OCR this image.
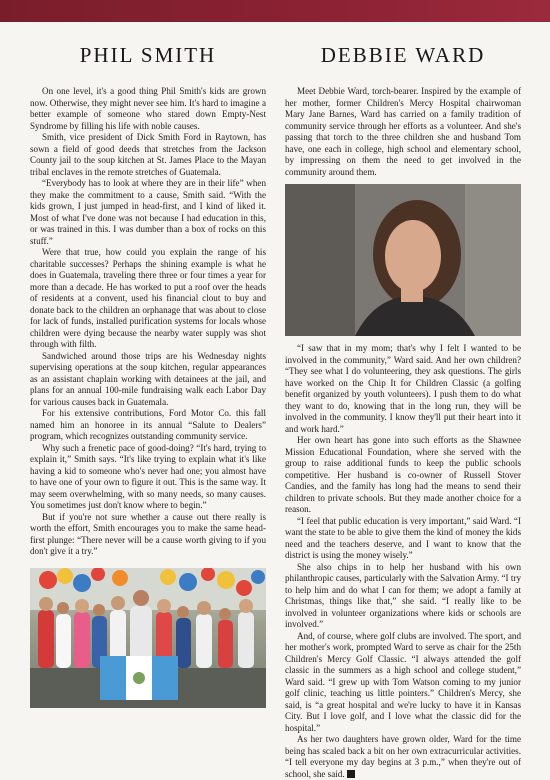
PHIL SMITH

On one level, it's a good thing Phil Smith's kids are grown now. Otherwise, they might never see him. It's hard to imagine a better example of someone who stared down Empty-Nest Syndrome by filling his life with noble causes.

Smith, vice president of Dick Smith Ford in Raytown, has sown a field of good deeds that stretches from the Jackson County jail to the soup kitchen at St. James Place to the Mayan tribal enclaves in the remote stretches of Guatemala.

“Everybody has to look at where they are in their life” when they make the commitment to a cause, Smith said. “With the kids grown, I just jumped in head-first, and I kind of liked it. Most of what I've done was not because I had education in this, or was trained in this. I was dumber than a box of rocks on this stuff.”

Were that true, how could you explain the range of his charitable successes? Perhaps the shining example is what he does in Guatemala, traveling there three or four times a year for more than a decade. He has worked to put a roof over the heads of residents at a convent, used his financial clout to buy and donate back to the children an orphanage that was about to close for lack of funds, installed purification systems for locals whose children were dying because the nearby water supply was shot through with filth.

Sandwiched around those trips are his Wednesday nights supervising operations at the soup kitchen, regular appearances as an assistant chaplain working with detainees at the jail, and plans for an annual 100-mile fundraising walk each Labor Day for various causes back in Guatemala.

For his extensive contributions, Ford Motor Co. this fall named him an honoree in its annual “Salute to Dealers” program, which recognizes outstanding community service.

Why such a frenetic pace of good-doing? “It's hard, trying to explain it,” Smith says. “It's like trying to explain what it's like having a kid to someone who's never had one; you almost have to have one of your own to figure it out. This is the same way. It may seem overwhelming, with so many needs, so many causes. You sometimes just don't know where to begin.”

But if you're not sure whether a cause out there really is worth the effort, Smith encourages you to make the same head-first plunge: “There never will be a cause worth giving to if you don't give it a try.”

DEBBIE WARD

Meet Debbie Ward, torch-bearer. Inspired by the example of her mother, former Children's Mercy Hospital chairwoman Mary Jane Barnes, Ward has carried on a family tradition of community service through her efforts as a volunteer. And she's passing that torch to the three children she and husband Tom have, one each in college, high school and elementary school, by impressing on them the need to get involved in the community around them.

“I saw that in my mom; that's why I felt I wanted to be involved in the community,” Ward said. And her own children? “They see what I do volunteering, they ask questions. The girls have worked on the Chip It for Children Classic (a golfing benefit organized by youth volunteers). I push them to do what they want to do, knowing that in the long run, they will be involved in the community. I know they'll put their heart into it and work hard.”

Her own heart has gone into such efforts as the Shawnee Mission Educational Foundation, where she served with the group to raise additional funds to keep the public schools competitive. Her husband is co-owner of Russell Stover Candies, and the family has long had the means to send their children to private schools. But they made another choice for a reason.

“I feel that public education is very important,” said Ward. “I want the state to be able to give them the kind of money the kids need and the teachers deserve, and I want to know that the district is using the money wisely.”

She also chips in to help her husband with his own philanthropic causes, particularly with the Salvation Army. “I try to help him and do what I can for them; we adopt a family at Christmas, things like that,” she said. “I really like to be involved in volunteer organizations where kids or schools are involved.”

And, of course, where golf clubs are involved. The sport, and her mother's work, prompted Ward to serve as chair for the 25th Children's Mercy Golf Classic. “I always attended the golf classic in the summers as a high school and college student,” Ward said. “I grew up with Tom Watson coming to my junior golf clinic, teaching us little pointers.” Children's Mercy, she said, is “a great hospital and we're lucky to have it in Kansas City. But I love golf, and I love what the classic did for the hospital.”

As her two daughters have grown older, Ward for the time being has scaled back a bit on her own extracurricular activities. “I tell everyone my day begins at 3 p.m.,” when they're out of school, she said.
